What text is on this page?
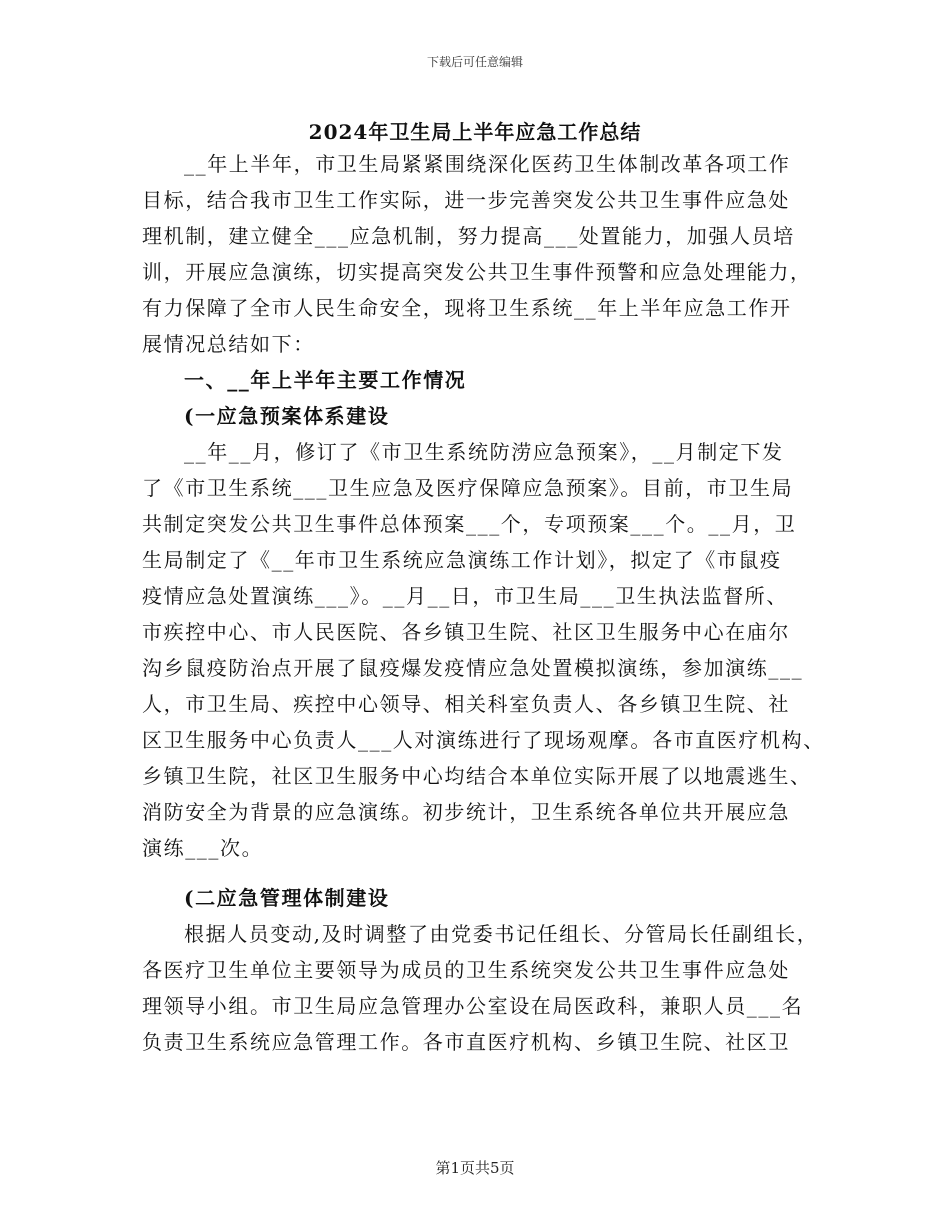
下载后可任意编辑
2024年卫生局上半年应急工作总结
__年上半年，市卫生局紧紧围绕深化医药卫生体制改革各项工作
目标，结合我市卫生工作实际，进一步完善突发公共卫生事件应急处
理机制，建立健全___应急机制，努力提高___处置能力，加强人员培
训，开展应急演练，切实提高突发公共卫生事件预警和应急处理能力，
有力保障了全市人民生命安全，现将卫生系统__年上半年应急工作开
展情况总结如下：
一、__年上半年主要工作情况
(一应急预案体系建设
__年__月，修订了《市卫生系统防涝应急预案》，__月制定下发
了《市卫生系统___卫生应急及医疗保障应急预案》。目前，市卫生局
共制定突发公共卫生事件总体预案___个，专项预案___个。__月，卫
生局制定了《__年市卫生系统应急演练工作计划》，拟定了《市鼠疫
疫情应急处置演练___》。__月__日，市卫生局___卫生执法监督所、
市疾控中心、市人民医院、各乡镇卫生院、社区卫生服务中心在庙尔
沟乡鼠疫防治点开展了鼠疫爆发疫情应急处置模拟演练，参加演练___
人，市卫生局、疾控中心领导、相关科室负责人、各乡镇卫生院、社
区卫生服务中心负责人___人对演练进行了现场观摩。各市直医疗机构、
乡镇卫生院，社区卫生服务中心均结合本单位实际开展了以地震逃生、
消防安全为背景的应急演练。初步统计，卫生系统各单位共开展应急
演练___次。
(二应急管理体制建设
根据人员变动,及时调整了由党委书记任组长、分管局长任副组长，
各医疗卫生单位主要领导为成员的卫生系统突发公共卫生事件应急处
理领导小组。市卫生局应急管理办公室设在局医政科，兼职人员___名
负责卫生系统应急管理工作。各市直医疗机构、乡镇卫生院、社区卫
第1页共5页
